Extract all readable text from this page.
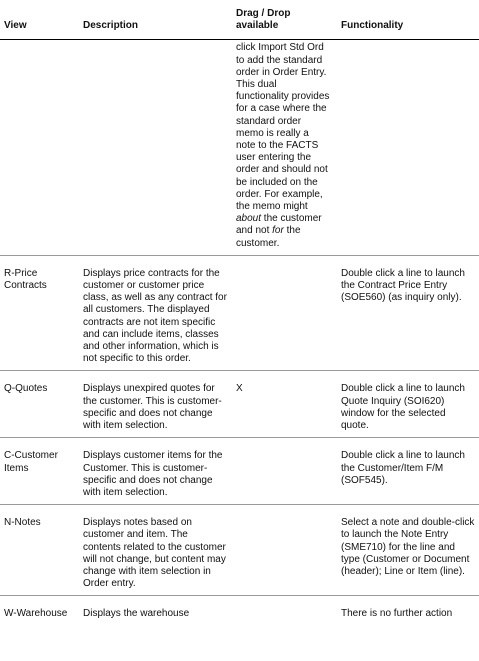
View	Description	Drag / Drop available	Functionality
		click Import Std Ord to add the standard order in Order Entry. This dual functionality provides for a case where the standard order memo is really a note to the FACTS user entering the order and should not be included on the order. For example, the memo might about the customer and not for the customer.	
R-Price Contracts	Displays price contracts for the customer or customer price class, as well as any contract for all customers. The displayed contracts are not item specific and can include items, classes and other information, which is not specific to this order.		Double click a line to launch the Contract Price Entry (SOE560) (as inquiry only).
Q-Quotes	Displays unexpired quotes for the customer. This is customer-specific and does not change with item selection.	X	Double click a line to launch Quote Inquiry (SOI620) window for the selected quote.
C-Customer Items	Displays customer items for the Customer. This is customer-specific and does not change with item selection.		Double click a line to launch the Customer/Item F/M (SOF545).
N-Notes	Displays notes based on customer and item. The contents related to the customer will not change, but content may change with item selection in Order entry.		Select a note and double-click to launch the Note Entry (SME710) for the line and type (Customer or Document (header); Line or Item (line).
W-Warehouse	Displays the warehouse		There is no further action
